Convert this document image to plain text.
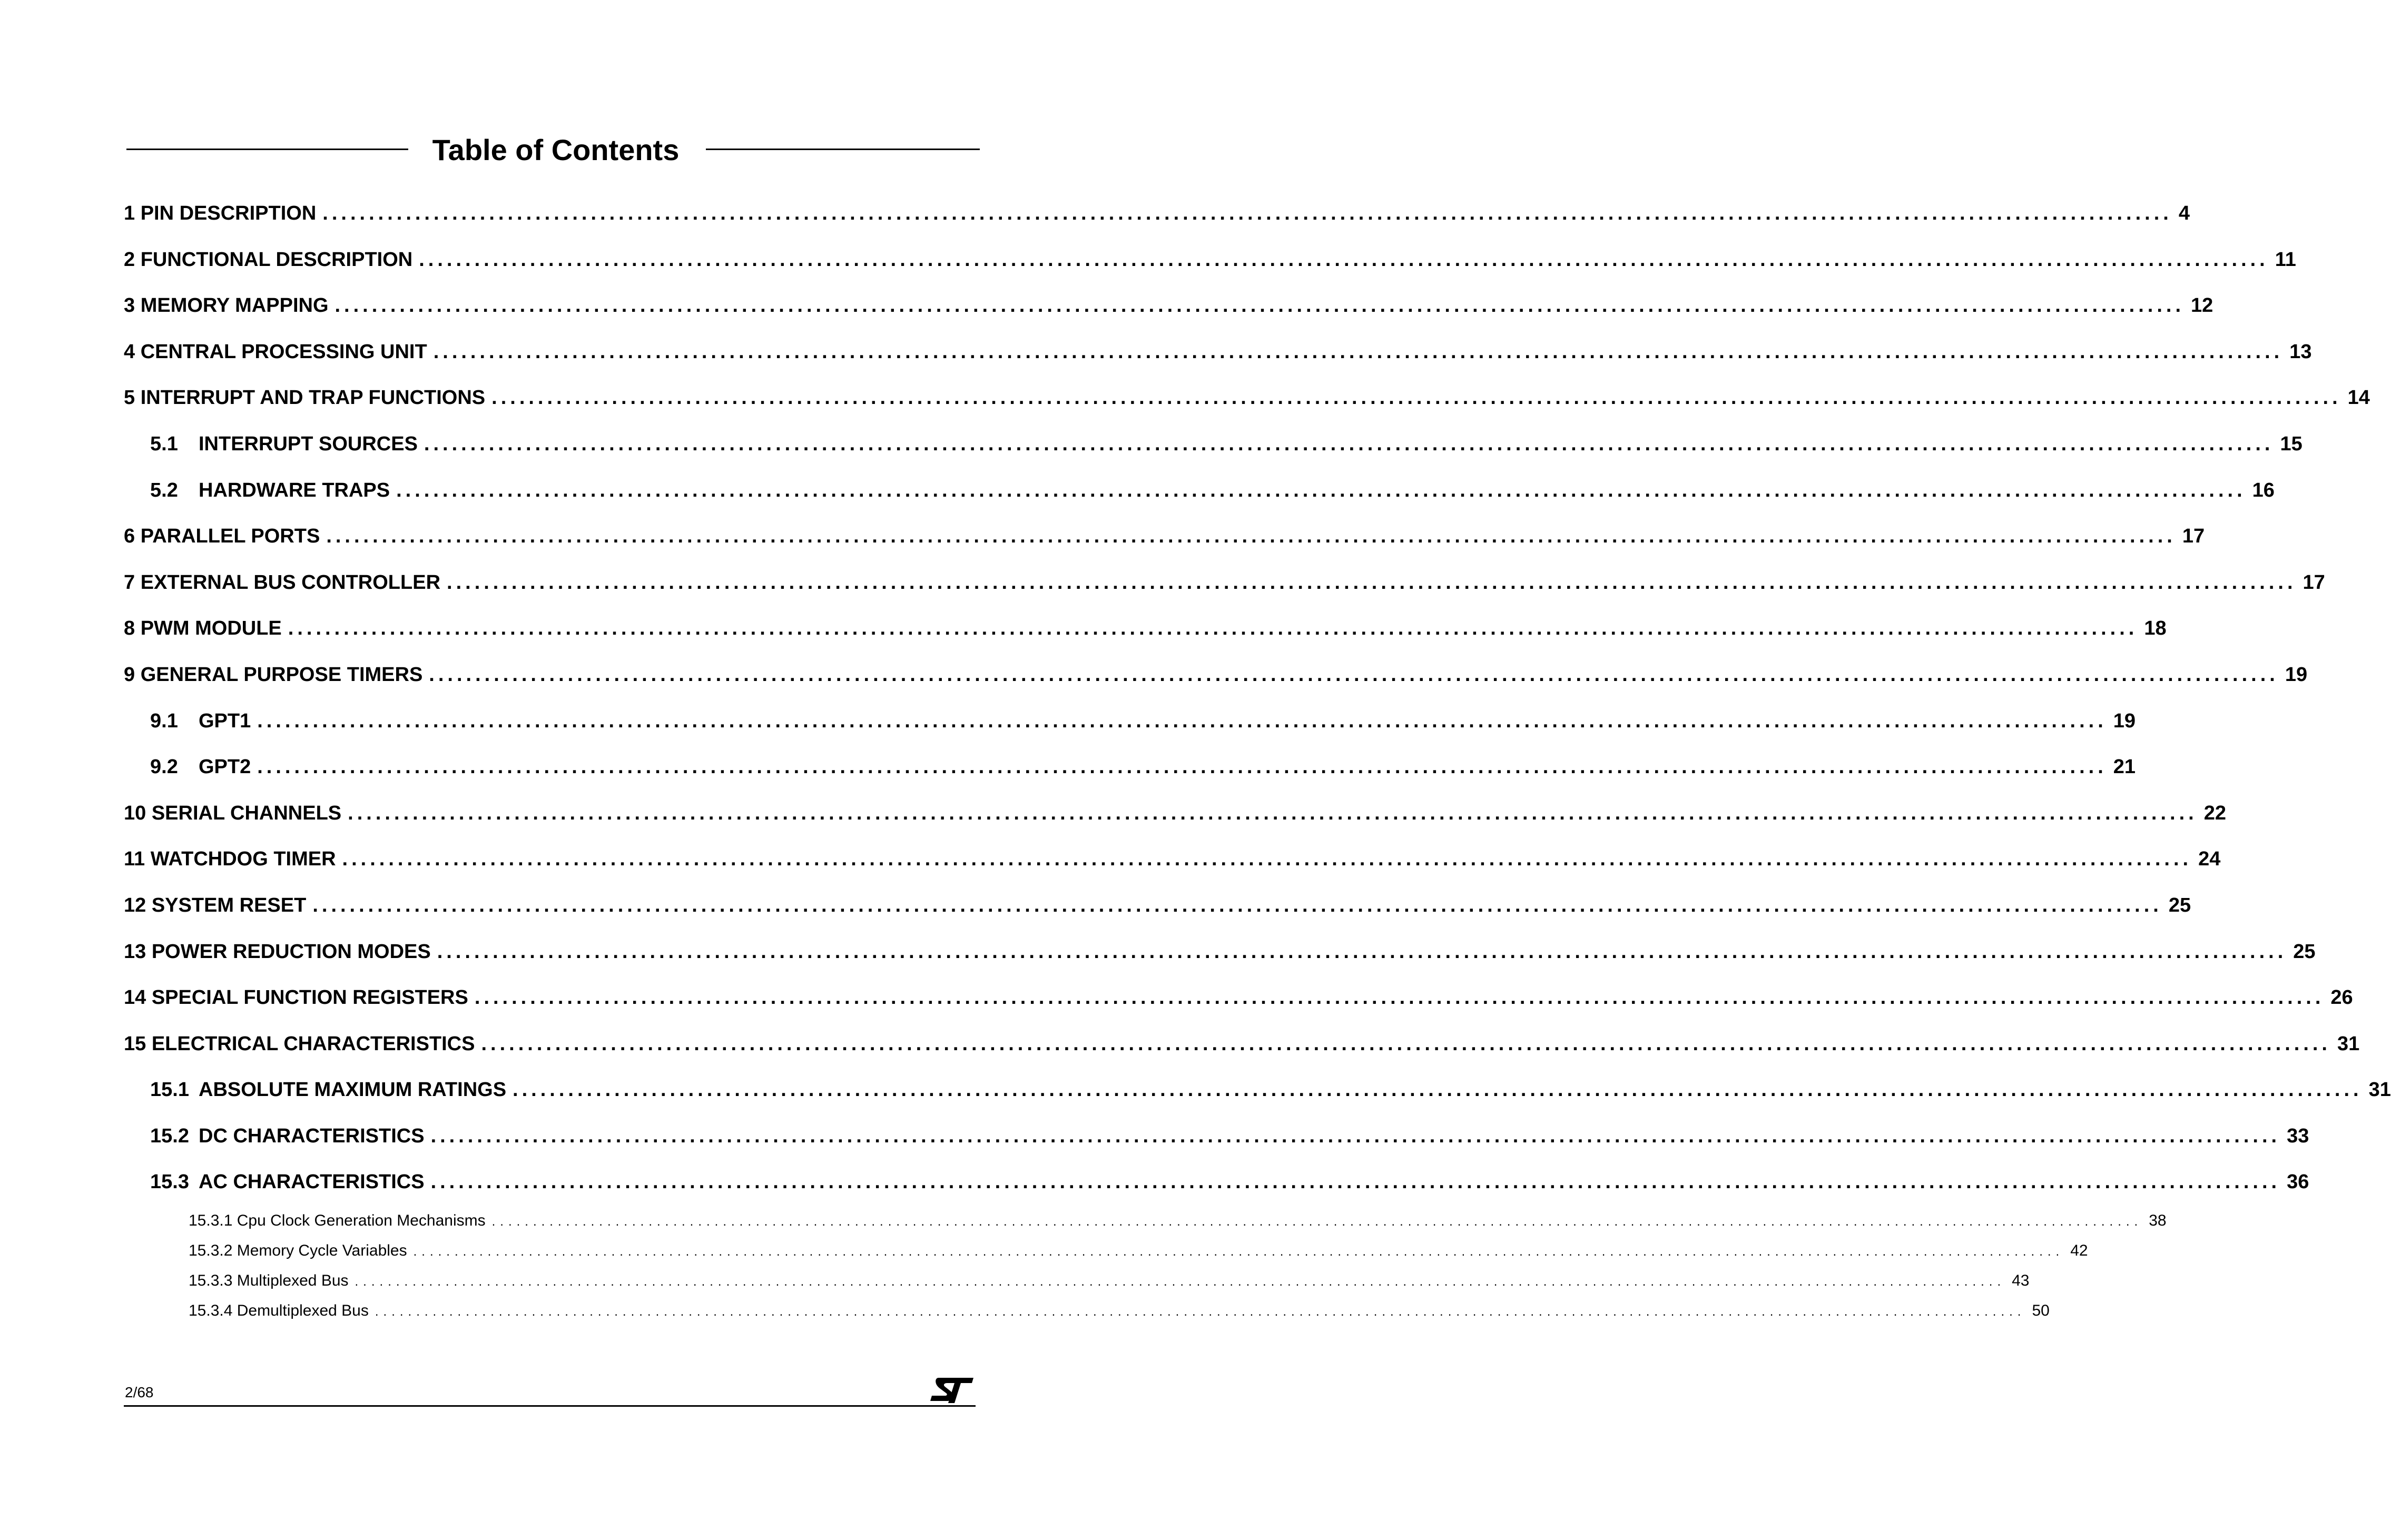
Table of Contents
1 PIN DESCRIPTION ........................................................................................................................................................................................................ 4
2 FUNCTIONAL DESCRIPTION ........................................................................................................................................................................................................ 11
3 MEMORY MAPPING ........................................................................................................................................................................................................ 12
4 CENTRAL PROCESSING UNIT ........................................................................................................................................................................................................ 13
5 INTERRUPT AND TRAP FUNCTIONS ........................................................................................................................................................................................................ 14
5.1 INTERRUPT SOURCES ........................................................................................................................................................................................................ 15
5.2 HARDWARE TRAPS ........................................................................................................................................................................................................ 16
6 PARALLEL PORTS ........................................................................................................................................................................................................ 17
7 EXTERNAL BUS CONTROLLER ........................................................................................................................................................................................................ 17
8 PWM MODULE ........................................................................................................................................................................................................ 18
9 GENERAL PURPOSE TIMERS ........................................................................................................................................................................................................ 19
9.1 GPT1 ........................................................................................................................................................................................................ 19
9.2 GPT2 ........................................................................................................................................................................................................ 21
10 SERIAL CHANNELS ........................................................................................................................................................................................................ 22
11 WATCHDOG TIMER ........................................................................................................................................................................................................ 24
12 SYSTEM RESET ........................................................................................................................................................................................................ 25
13 POWER REDUCTION MODES ........................................................................................................................................................................................................ 25
14 SPECIAL FUNCTION REGISTERS ........................................................................................................................................................................................................ 26
15 ELECTRICAL CHARACTERISTICS ........................................................................................................................................................................................................ 31
15.1 ABSOLUTE MAXIMUM RATINGS ........................................................................................................................................................................................................ 31
15.2 DC CHARACTERISTICS ........................................................................................................................................................................................................ 33
15.3 AC CHARACTERISTICS ........................................................................................................................................................................................................ 36
15.3.1 Cpu Clock Generation Mechanisms ........................................................................................................................................................................................................ 38
15.3.2 Memory Cycle Variables ........................................................................................................................................................................................................ 42
15.3.3 Multiplexed Bus ........................................................................................................................................................................................................ 43
15.3.4 Demultiplexed Bus ........................................................................................................................................................................................................ 50
2/68
